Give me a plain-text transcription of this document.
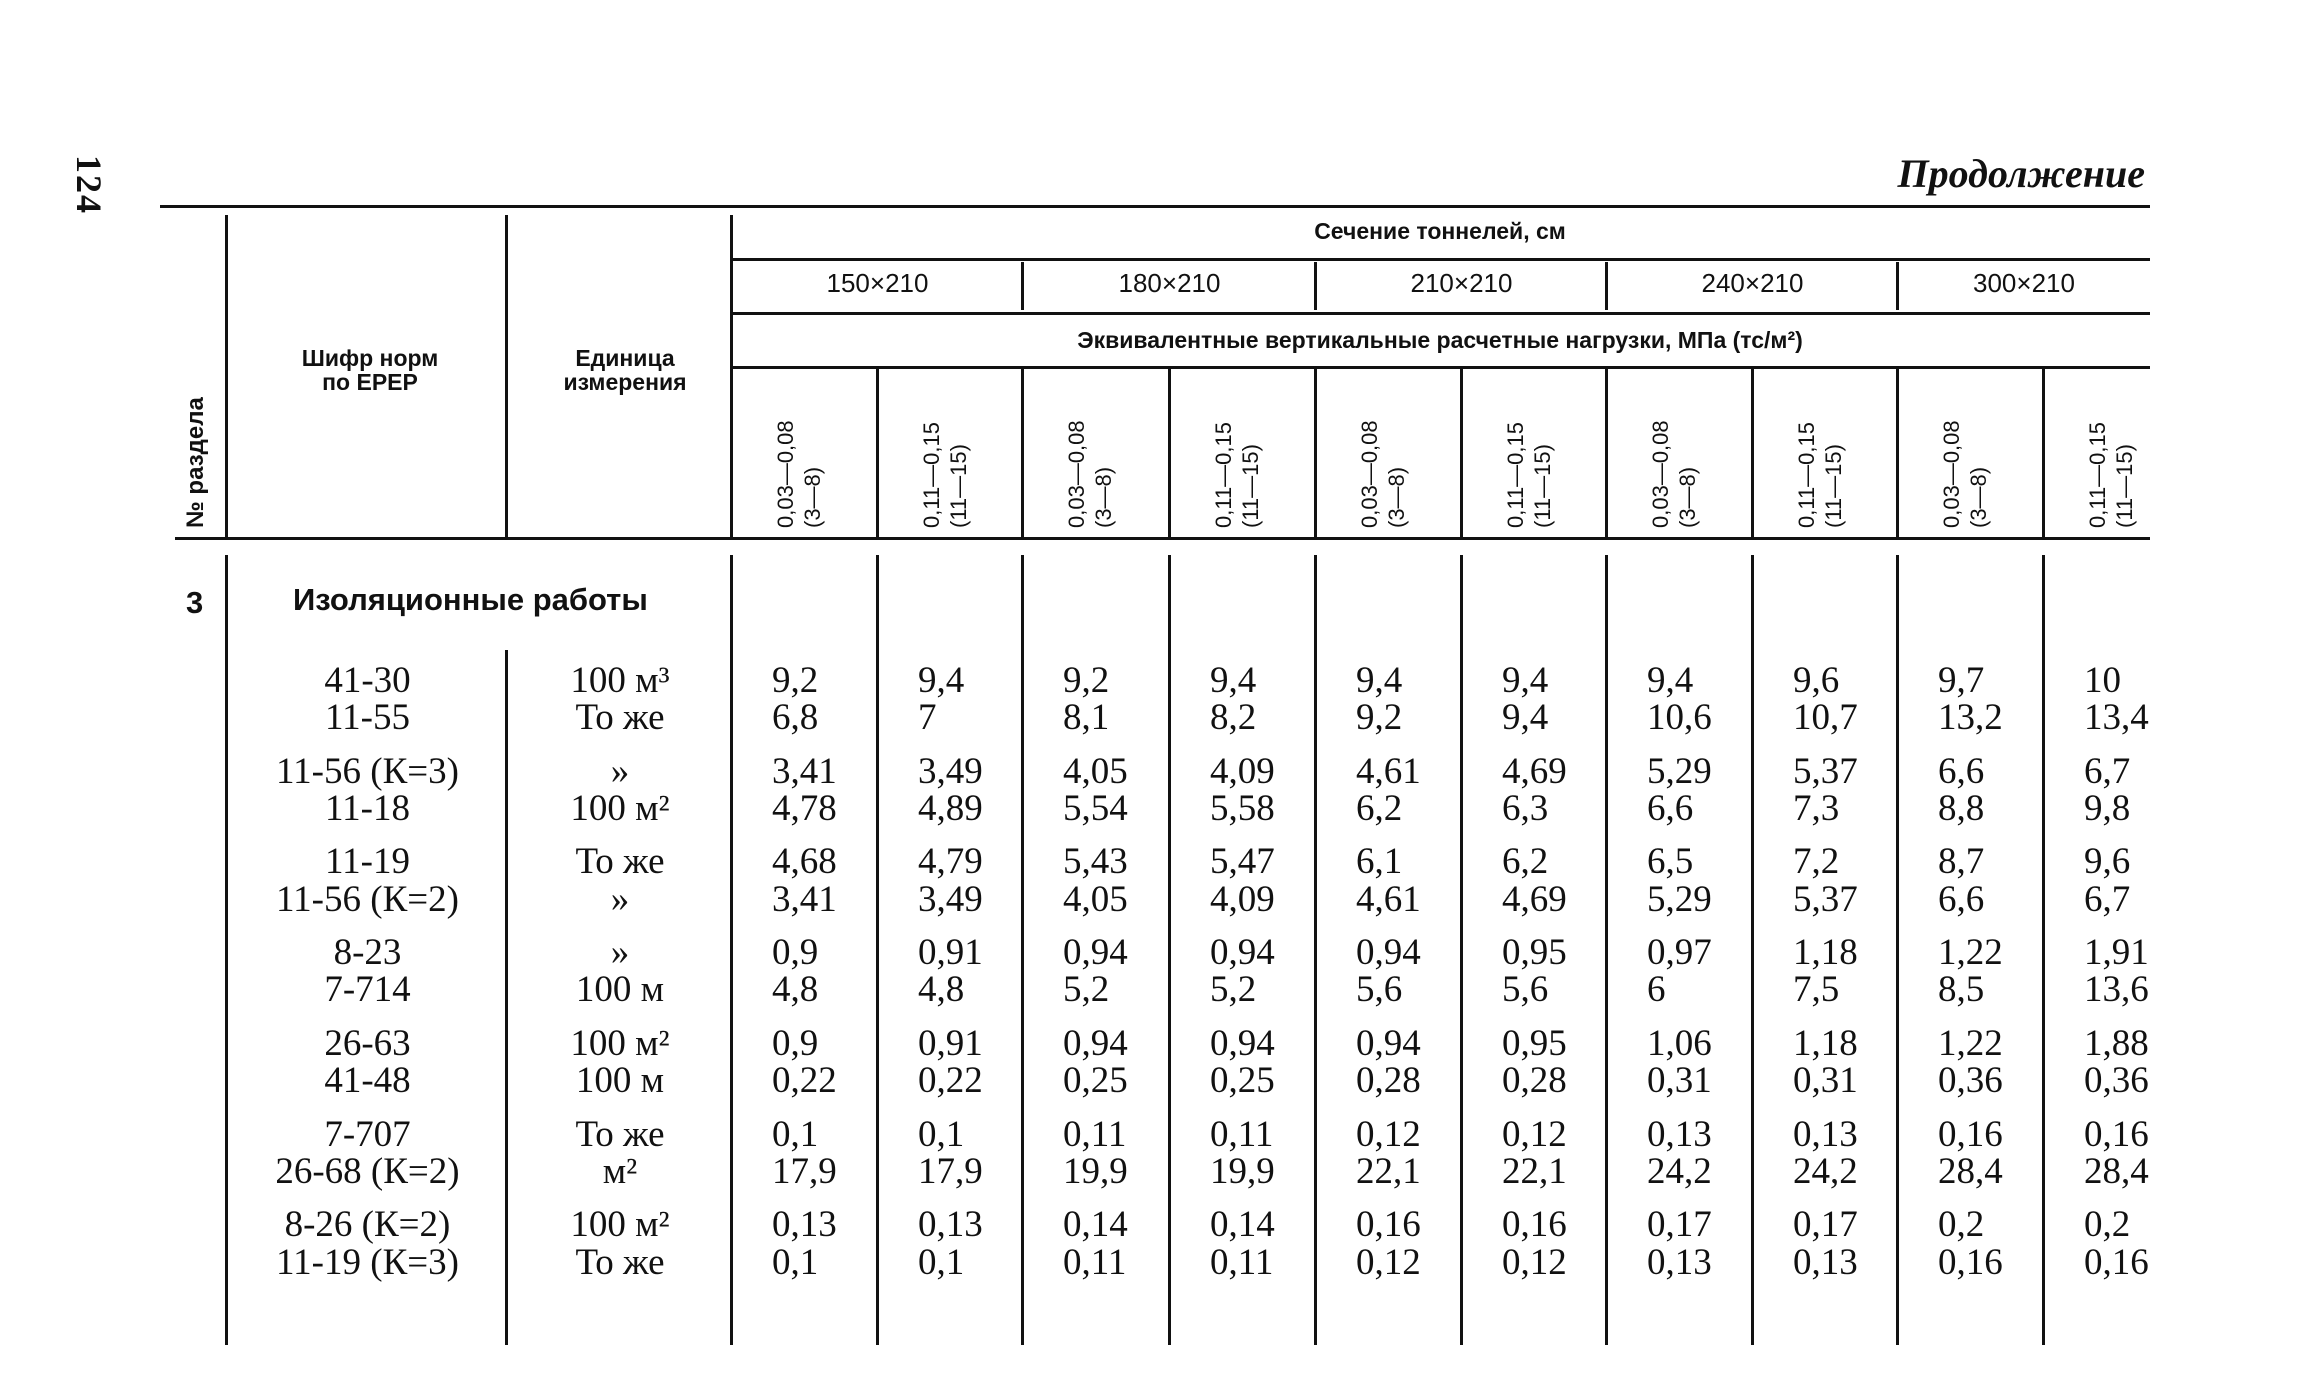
124	Продолжение
№ раздела
Шифр норм
по ЕРЕР
Единица
измерения
Сечение тоннелей, см
Эквивалентные вертикальные расчетные нагрузки, МПа (тс/м²)
150×210	180×210	210×210	240×210	300×210
0,03—0,08 (3—8)	0,11—0,15 (11—15)	0,03—0,08 (3—8)	0,11—0,15 (11—15)	0,03—0,08 (3—8)	0,11—0,15 (11—15)	0,03—0,08 (3—8)	0,11—0,15 (11—15)	0,03—0,08 (3—8)	0,11—0,15 (11—15)
3	Изоляционные работы
41-30	100 м³	9,2	9,4	9,2	9,4	9,4	9,4	9,4	9,6	9,7	10
11-55	То же	6,8	7	8,1	8,2	9,2	9,4	10,6 10,7 13,2 13,4
11-56 (К=3)	»	3,41 3,49 4,05 4,09 4,61 4,69 5,29 5,37 6,6	6,7
11-18	100 м²	4,78 4,89 5,54 5,58 6,2	6,3	6,6	7,3	8,8	9,8
11-19	То же	4,68 4,79 5,43 5,47 6,1	6,2	6,5	7,2	8,7	9,6
11-56 (К=2)	»	3,41 3,49 4,05 4,09 4,61 4,69 5,29 5,37 6,6	6,7
8-23	»	0,9	0,91 0,94 0,94 0,94 0,95 0,97 1,18 1,22 1,91
7-714	100 м	4,8	4,8	5,2	5,2	5,6	5,6	6	7,5	8,5	13,6
26-63	100 м²	0,9	0,91 0,94 0,94 0,94 0,95 1,06 1,18 1,22 1,88
41-48	100 м	0,22 0,22 0,25 0,25 0,28 0,28 0,31 0,31 0,36 0,36
7-707	То же	0,1	0,1	0,11 0,11 0,12 0,12 0,13 0,13 0,16 0,16
26-68 (К=2)	м²	17,9 17,9 19,9 19,9 22,1 22,1 24,2 24,2 28,4 28,4
8-26 (К=2)	100 м²	0,13 0,13 0,14 0,14 0,16 0,16 0,17 0,17 0,2	0,2
11-19 (К=3)	То же	0,1	0,1	0,11 0,11 0,12 0,12 0,13 0,13 0,16 0,16
